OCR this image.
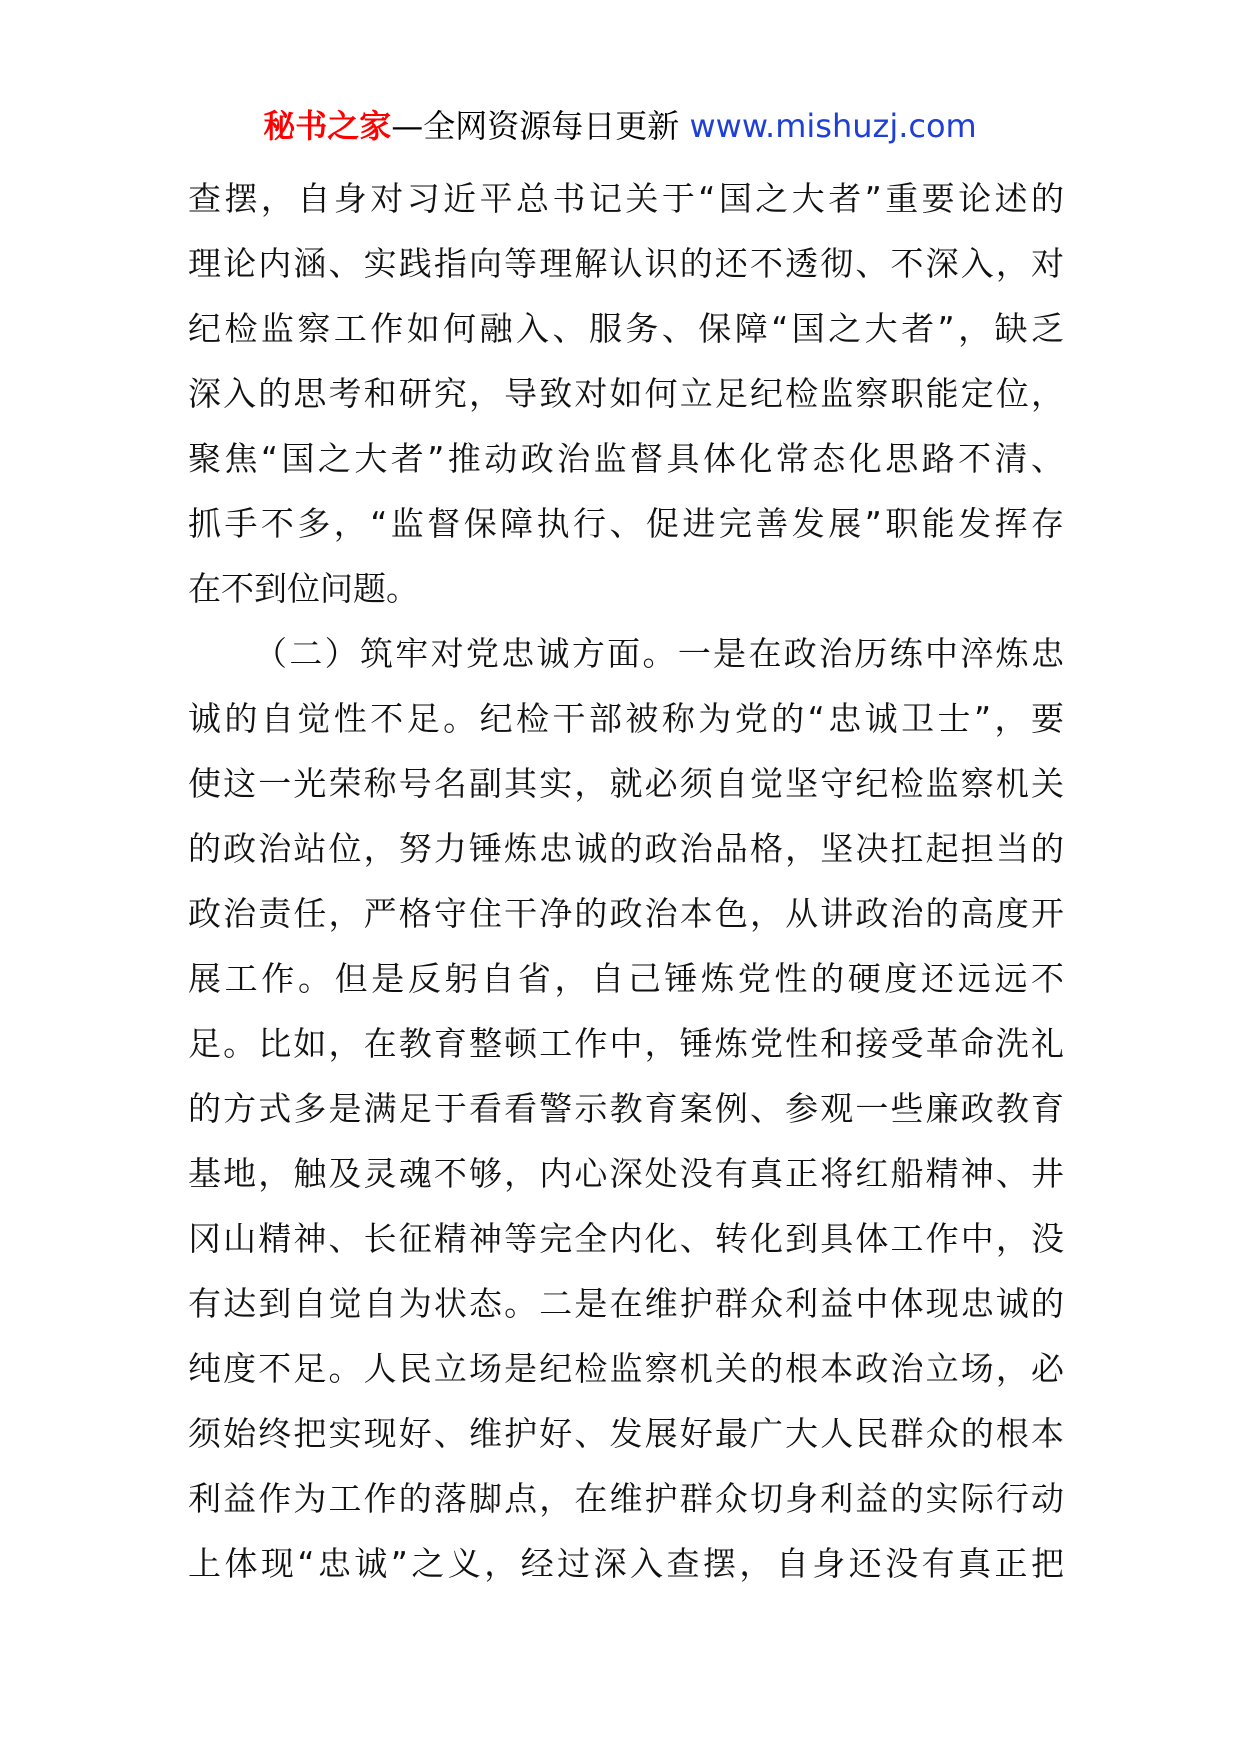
秘书之家—全网资源每日更新 www.mishuzj.com
查摆，自身对习近平总书记关于“国之大者”重要论述的
理论内涵、实践指向等理解认识的还不透彻、不深入，对
纪检监察工作如何融入、服务、保障“国之大者”，缺乏
深入的思考和研究，导致对如何立足纪检监察职能定位，
聚焦“国之大者”推动政治监督具体化常态化思路不清、
抓手不多，“监督保障执行、促进完善发展”职能发挥存
在不到位问题。
（二）筑牢对党忠诚方面。一是在政治历练中淬炼忠
诚的自觉性不足。纪检干部被称为党的“忠诚卫士”，要
使这一光荣称号名副其实，就必须自觉坚守纪检监察机关
的政治站位，努力锤炼忠诚的政治品格，坚决扛起担当的
政治责任，严格守住干净的政治本色，从讲政治的高度开
展工作。但是反躬自省，自己锤炼党性的硬度还远远不
足。比如，在教育整顿工作中，锤炼党性和接受革命洗礼
的方式多是满足于看看警示教育案例、参观一些廉政教育
基地，触及灵魂不够，内心深处没有真正将红船精神、井
冈山精神、长征精神等完全内化、转化到具体工作中，没
有达到自觉自为状态。二是在维护群众利益中体现忠诚的
纯度不足。人民立场是纪检监察机关的根本政治立场，必
须始终把实现好、维护好、发展好最广大人民群众的根本
利益作为工作的落脚点，在维护群众切身利益的实际行动
上体现“忠诚”之义，经过深入查摆，自身还没有真正把
